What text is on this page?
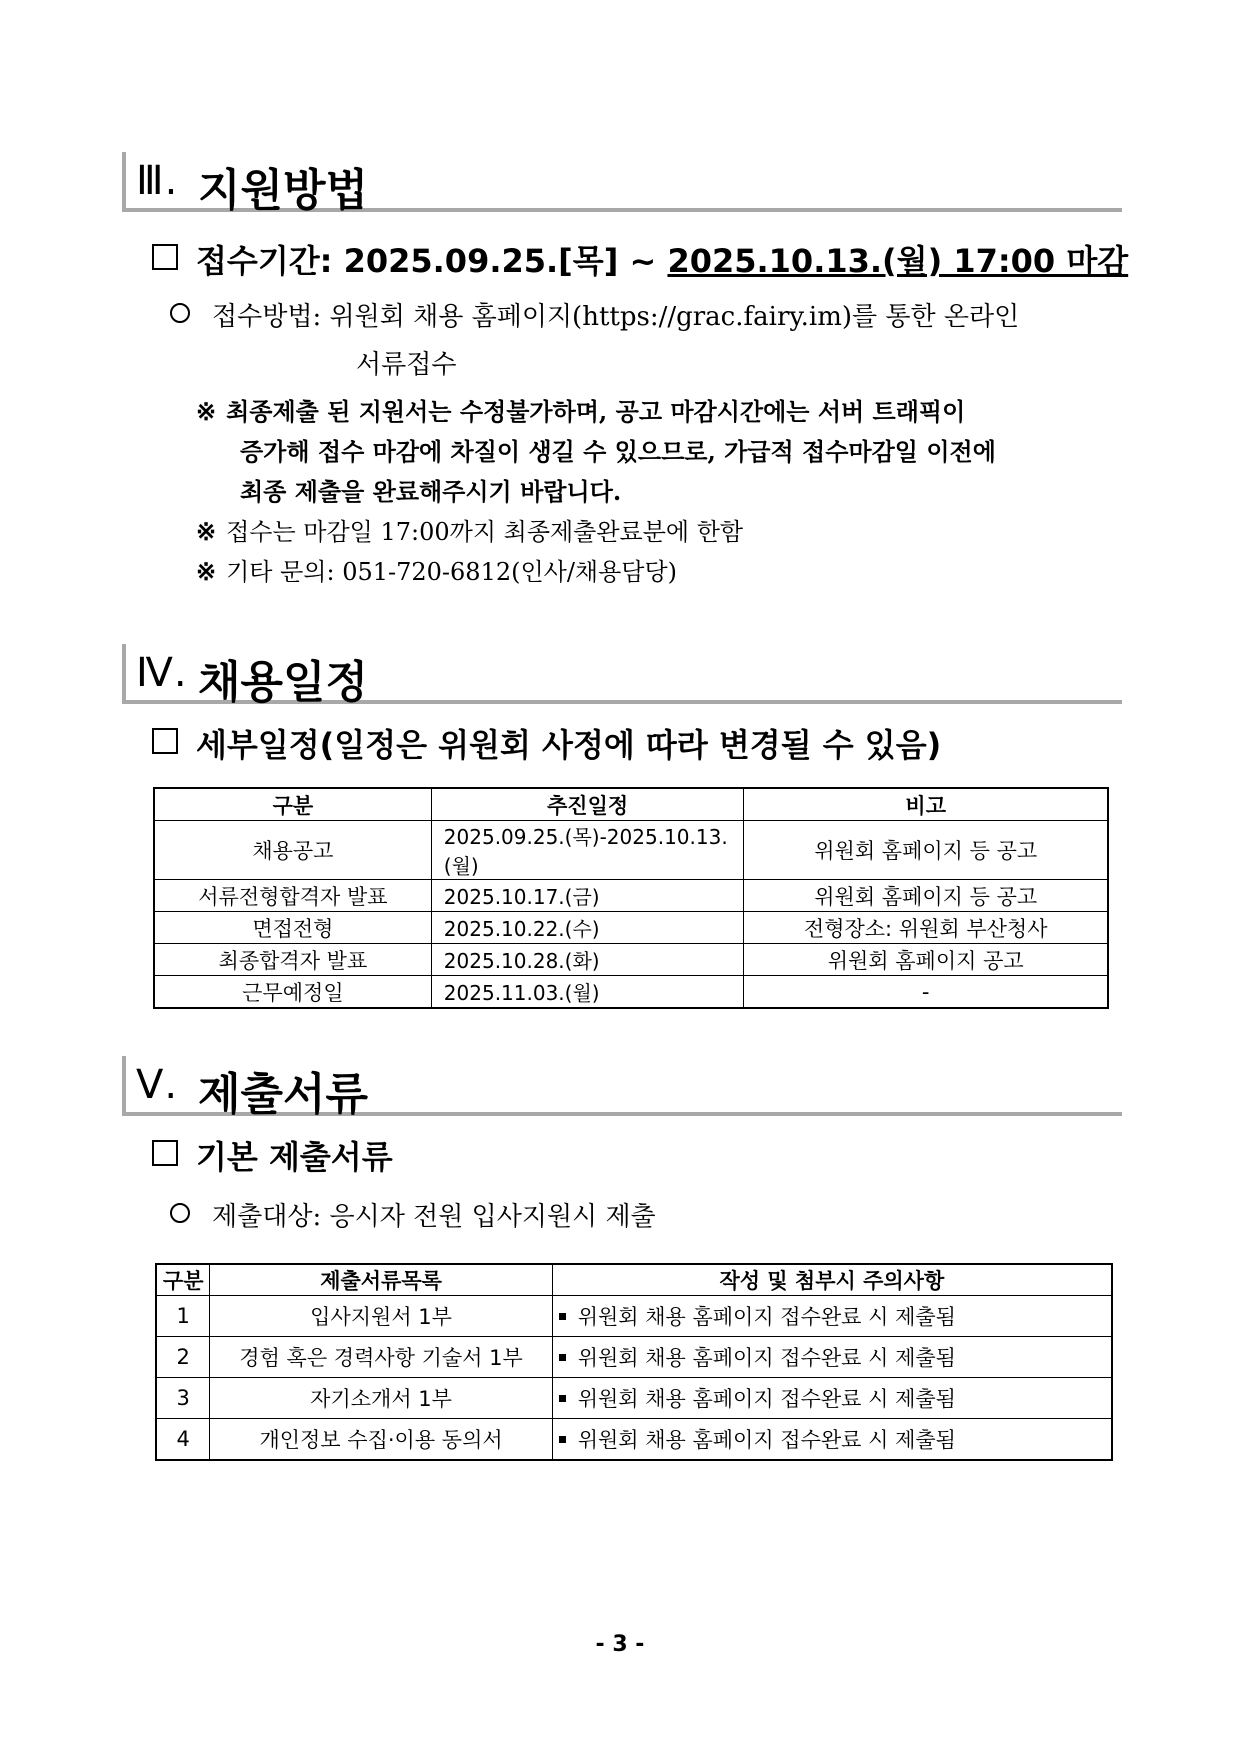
Ⅲ. 지원방법
접수기간: 2025.09.25.[목] ~ 2025.10.13.(월) 17:00 마감
접수방법: 위원회 채용 홈페이지(https://grac.fairy.im)를 통한 온라인
서류접수
※ 최종제출 된 지원서는 수정불가하며, 공고 마감시간에는 서버 트래픽이
증가해 접수 마감에 차질이 생길 수 있으므로, 가급적 접수마감일 이전에
최종 제출을 완료해주시기 바랍니다.
※ 접수는 마감일 17:00까지 최종제출완료분에 한함
※ 기타 문의: 051-720-6812(인사/채용담당)
Ⅳ. 채용일정
세부일정(일정은 위원회 사정에 따라 변경될 수 있음)
구분	추진일정	비고
채용공고	2025.09.25.(목)-2025.10.13.(월)	위원회 홈페이지 등 공고
서류전형합격자 발표	2025.10.17.(금)	위원회 홈페이지 등 공고
면접전형	2025.10.22.(수)	전형장소: 위원회 부산청사
최종합격자 발표	2025.10.28.(화)	위원회 홈페이지 공고
근무예정일	2025.11.03.(월)	-
Ⅴ. 제출서류
기본 제출서류
제출대상: 응시자 전원 입사지원시 제출
구분	제출서류목록	작성 및 첨부시 주의사항
1	입사지원서 1부	위원회 채용 홈페이지 접수완료 시 제출됨
2	경험 혹은 경력사항 기술서 1부	위원회 채용 홈페이지 접수완료 시 제출됨
3	자기소개서 1부	위원회 채용 홈페이지 접수완료 시 제출됨
4	개인정보 수집·이용 동의서	위원회 채용 홈페이지 접수완료 시 제출됨
- 3 -
